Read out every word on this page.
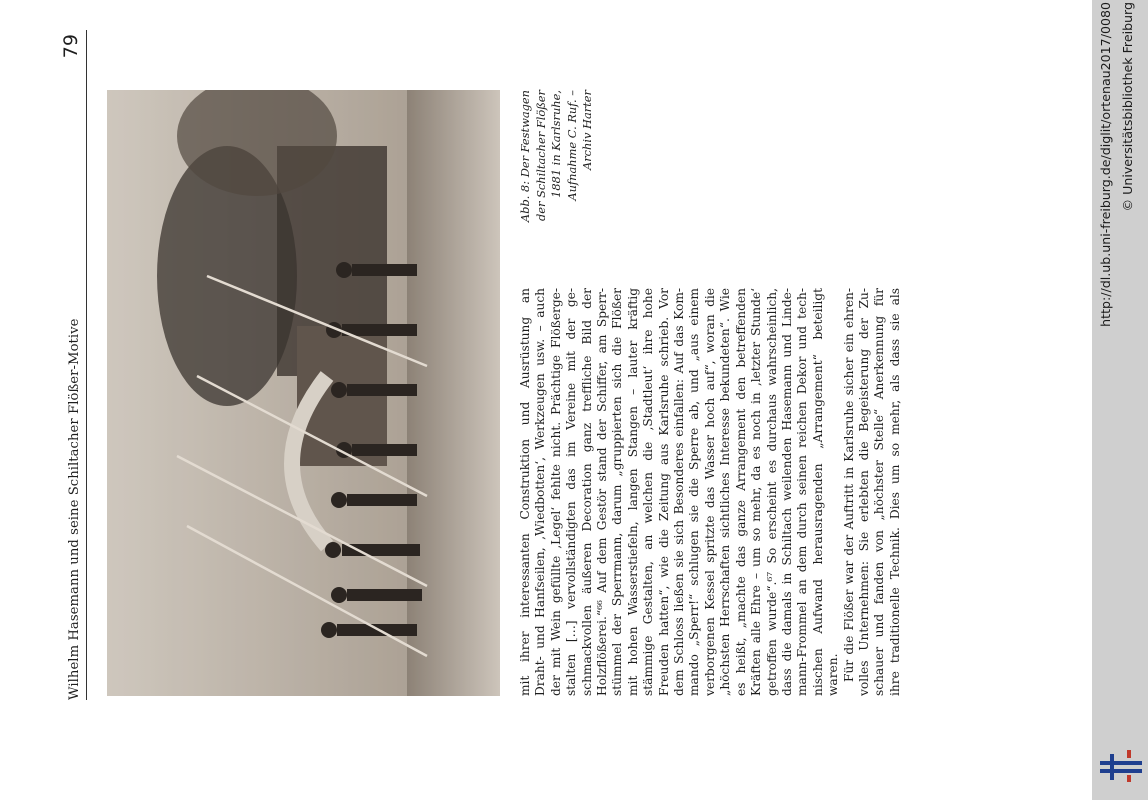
Wilhelm Hasemann und seine Schiltacher Flößer-Motive
79
Abb. 8: Der Festwagen der Schiltacher Flößer 1881 in Karlsruhe, Aufnahme C. Ruf. – Archiv Harter
mit ihrer interessanten Construktion und Ausrüstung an Draht- und Hanfseilen, ‚Wiedbotten‘, Werkzeugen usw. – auch der mit Wein gefüllte ‚Legel‘ fehlte nicht. Prächtige Flößerge- stalten […] vervollständigten das im Vereine mit der ge- schmackvollen äußeren Decoration ganz treffliche Bild der Holzflößerei.“⁶⁶ Auf dem Gestör stand der Schiffer, am Sperr- stümmel der Sperrmann, darum „gruppierten sich die Flößer mit hohen Wasserstiefeln, langen Stangen – lauter kräftig stämmige Gestalten, an welchen die ‚Stadtleut‘ ihre hohe Freuden hatten“, wie die Zeitung aus Karlsruhe schrieb. Vor dem Schloss ließen sie sich Besonderes einfallen: Auf das Kom- mando „Sperr!“ schlugen sie die Sperre ab, und „aus einem verborgenen Kessel spritzte das Wasser hoch auf“, woran die „höchsten Herrschaften sichtliches Interesse bekundeten“. Wie es heißt, „machte das ganze Arrangement den betreffenden Kräften alle Ehre – um so mehr, da es noch in ‚letzter Stunde‘ getroffen wurde“.⁶⁷ So erscheint es durchaus wahrscheinlich, dass die damals in Schiltach weilenden Hasemann und Linde- mann-Frommel an dem durch seinen reichen Dekor und tech- nischen Aufwand herausragenden „Arrangement“ beteiligt waren. Für die Flößer war der Auftritt in Karlsruhe sicher ein ehren- volles Unternehmen: Sie erlebten die Begeisterung der Zu- schauer und fanden von „höchster Stelle“ Anerkennung für ihre traditionelle Technik. Dies um so mehr, als dass sie als
http://dl.ub.uni-freiburg.de/diglit/ortenau2017/0080 © Universitätsbibliothek Freiburg
